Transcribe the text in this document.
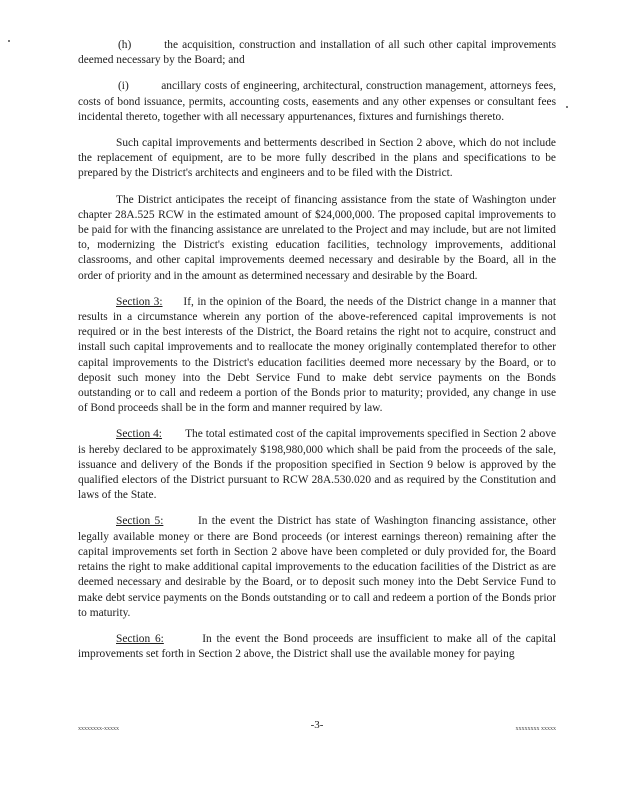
(h)	the acquisition, construction and installation of all such other capital improvements deemed necessary by the Board; and

(i)	ancillary costs of engineering, architectural, construction management, attorneys fees, costs of bond issuance, permits, accounting costs, easements and any other expenses or consultant fees incidental thereto, together with all necessary appurtenances, fixtures and furnishings thereto.

Such capital improvements and betterments described in Section 2 above, which do not include the replacement of equipment, are to be more fully described in the plans and specifications to be prepared by the District's architects and engineers and to be filed with the District.

The District anticipates the receipt of financing assistance from the state of Washington under chapter 28A.525 RCW in the estimated amount of $24,000,000. The proposed capital improvements to be paid for with the financing assistance are unrelated to the Project and may include, but are not limited to, modernizing the District's existing education facilities, technology improvements, additional classrooms, and other capital improvements deemed necessary and desirable by the Board, all in the order of priority and in the amount as determined necessary and desirable by the Board.

Section 3: If, in the opinion of the Board, the needs of the District change in a manner that results in a circumstance wherein any portion of the above-referenced capital improvements is not required or in the best interests of the District, the Board retains the right not to acquire, construct and install such capital improvements and to reallocate the money originally contemplated therefor to other capital improvements to the District's education facilities deemed more necessary by the Board, or to deposit such money into the Debt Service Fund to make debt service payments on the Bonds outstanding or to call and redeem a portion of the Bonds prior to maturity; provided, any change in use of Bond proceeds shall be in the form and manner required by law.

Section 4: The total estimated cost of the capital improvements specified in Section 2 above is hereby declared to be approximately $198,980,000 which shall be paid from the proceeds of the sale, issuance and delivery of the Bonds if the proposition specified in Section 9 below is approved by the qualified electors of the District pursuant to RCW 28A.530.020 and as required by the Constitution and laws of the State.

Section 5:	In the event the District has state of Washington financing assistance, other legally available money or there are Bond proceeds (or interest earnings thereon) remaining after the capital improvements set forth in Section 2 above have been completed or duly provided for, the Board retains the right to make additional capital improvements to the education facilities of the District as are deemed necessary and desirable by the Board, or to deposit such money into the Debt Service Fund to make debt service payments on the Bonds outstanding or to call and redeem a portion of the Bonds prior to maturity.

Section 6:	In the event the Bond proceeds are insufficient to make all of the capital improvements set forth in Section 2 above, the District shall use the available money for paying

xxxxxxxx-xxxxx	-3-	xxxxxxxx xxxxx
